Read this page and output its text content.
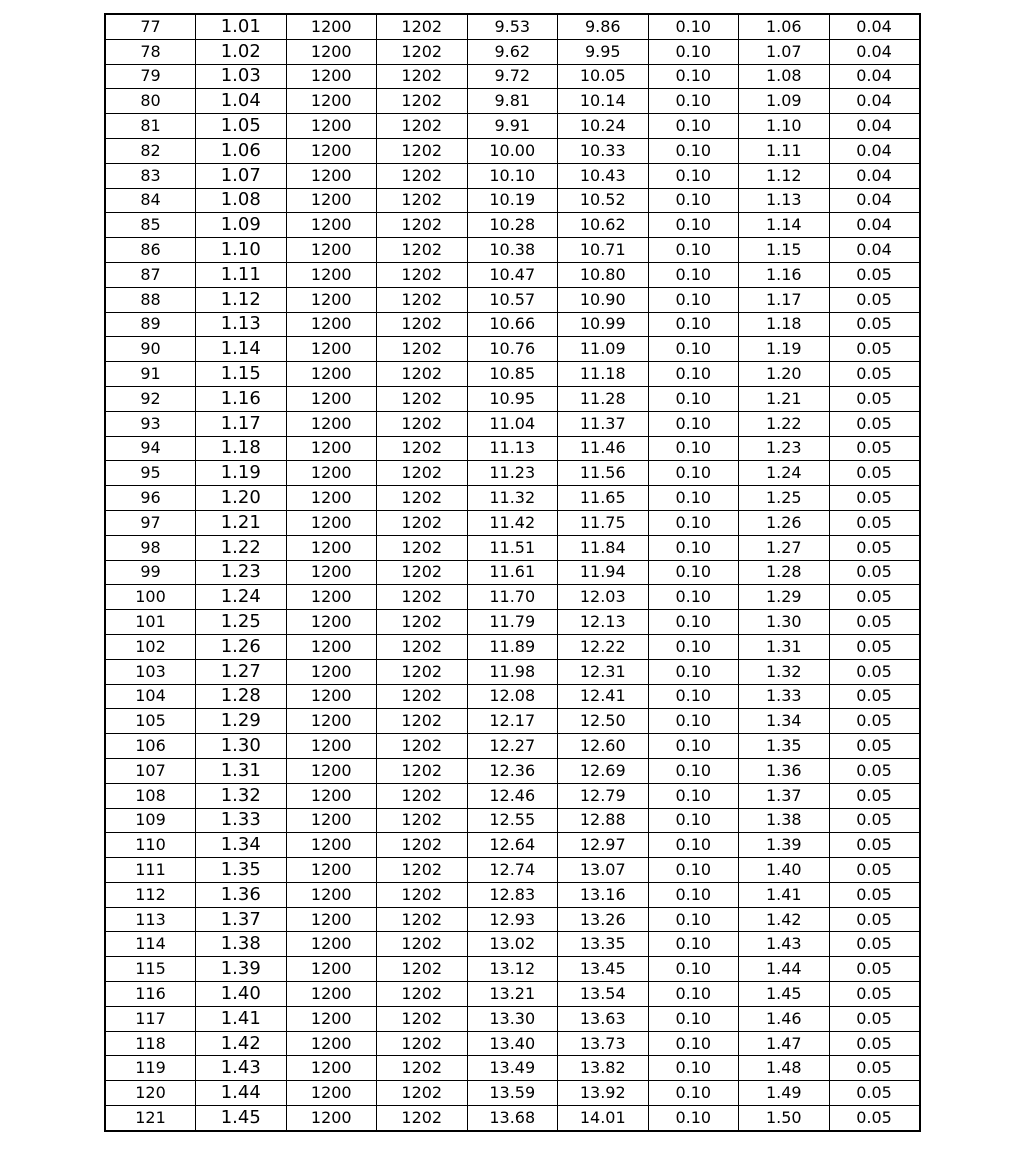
77	1.01	1200	1202	9.53	9.86	0.10	1.06	0.04
78	1.02	1200	1202	9.62	9.95	0.10	1.07	0.04
79	1.03	1200	1202	9.72	10.05	0.10	1.08	0.04
80	1.04	1200	1202	9.81	10.14	0.10	1.09	0.04
81	1.05	1200	1202	9.91	10.24	0.10	1.10	0.04
82	1.06	1200	1202	10.00	10.33	0.10	1.11	0.04
83	1.07	1200	1202	10.10	10.43	0.10	1.12	0.04
84	1.08	1200	1202	10.19	10.52	0.10	1.13	0.04
85	1.09	1200	1202	10.28	10.62	0.10	1.14	0.04
86	1.10	1200	1202	10.38	10.71	0.10	1.15	0.04
87	1.11	1200	1202	10.47	10.80	0.10	1.16	0.05
88	1.12	1200	1202	10.57	10.90	0.10	1.17	0.05
89	1.13	1200	1202	10.66	10.99	0.10	1.18	0.05
90	1.14	1200	1202	10.76	11.09	0.10	1.19	0.05
91	1.15	1200	1202	10.85	11.18	0.10	1.20	0.05
92	1.16	1200	1202	10.95	11.28	0.10	1.21	0.05
93	1.17	1200	1202	11.04	11.37	0.10	1.22	0.05
94	1.18	1200	1202	11.13	11.46	0.10	1.23	0.05
95	1.19	1200	1202	11.23	11.56	0.10	1.24	0.05
96	1.20	1200	1202	11.32	11.65	0.10	1.25	0.05
97	1.21	1200	1202	11.42	11.75	0.10	1.26	0.05
98	1.22	1200	1202	11.51	11.84	0.10	1.27	0.05
99	1.23	1200	1202	11.61	11.94	0.10	1.28	0.05
100	1.24	1200	1202	11.70	12.03	0.10	1.29	0.05
101	1.25	1200	1202	11.79	12.13	0.10	1.30	0.05
102	1.26	1200	1202	11.89	12.22	0.10	1.31	0.05
103	1.27	1200	1202	11.98	12.31	0.10	1.32	0.05
104	1.28	1200	1202	12.08	12.41	0.10	1.33	0.05
105	1.29	1200	1202	12.17	12.50	0.10	1.34	0.05
106	1.30	1200	1202	12.27	12.60	0.10	1.35	0.05
107	1.31	1200	1202	12.36	12.69	0.10	1.36	0.05
108	1.32	1200	1202	12.46	12.79	0.10	1.37	0.05
109	1.33	1200	1202	12.55	12.88	0.10	1.38	0.05
110	1.34	1200	1202	12.64	12.97	0.10	1.39	0.05
111	1.35	1200	1202	12.74	13.07	0.10	1.40	0.05
112	1.36	1200	1202	12.83	13.16	0.10	1.41	0.05
113	1.37	1200	1202	12.93	13.26	0.10	1.42	0.05
114	1.38	1200	1202	13.02	13.35	0.10	1.43	0.05
115	1.39	1200	1202	13.12	13.45	0.10	1.44	0.05
116	1.40	1200	1202	13.21	13.54	0.10	1.45	0.05
117	1.41	1200	1202	13.30	13.63	0.10	1.46	0.05
118	1.42	1200	1202	13.40	13.73	0.10	1.47	0.05
119	1.43	1200	1202	13.49	13.82	0.10	1.48	0.05
120	1.44	1200	1202	13.59	13.92	0.10	1.49	0.05
121	1.45	1200	1202	13.68	14.01	0.10	1.50	0.05
